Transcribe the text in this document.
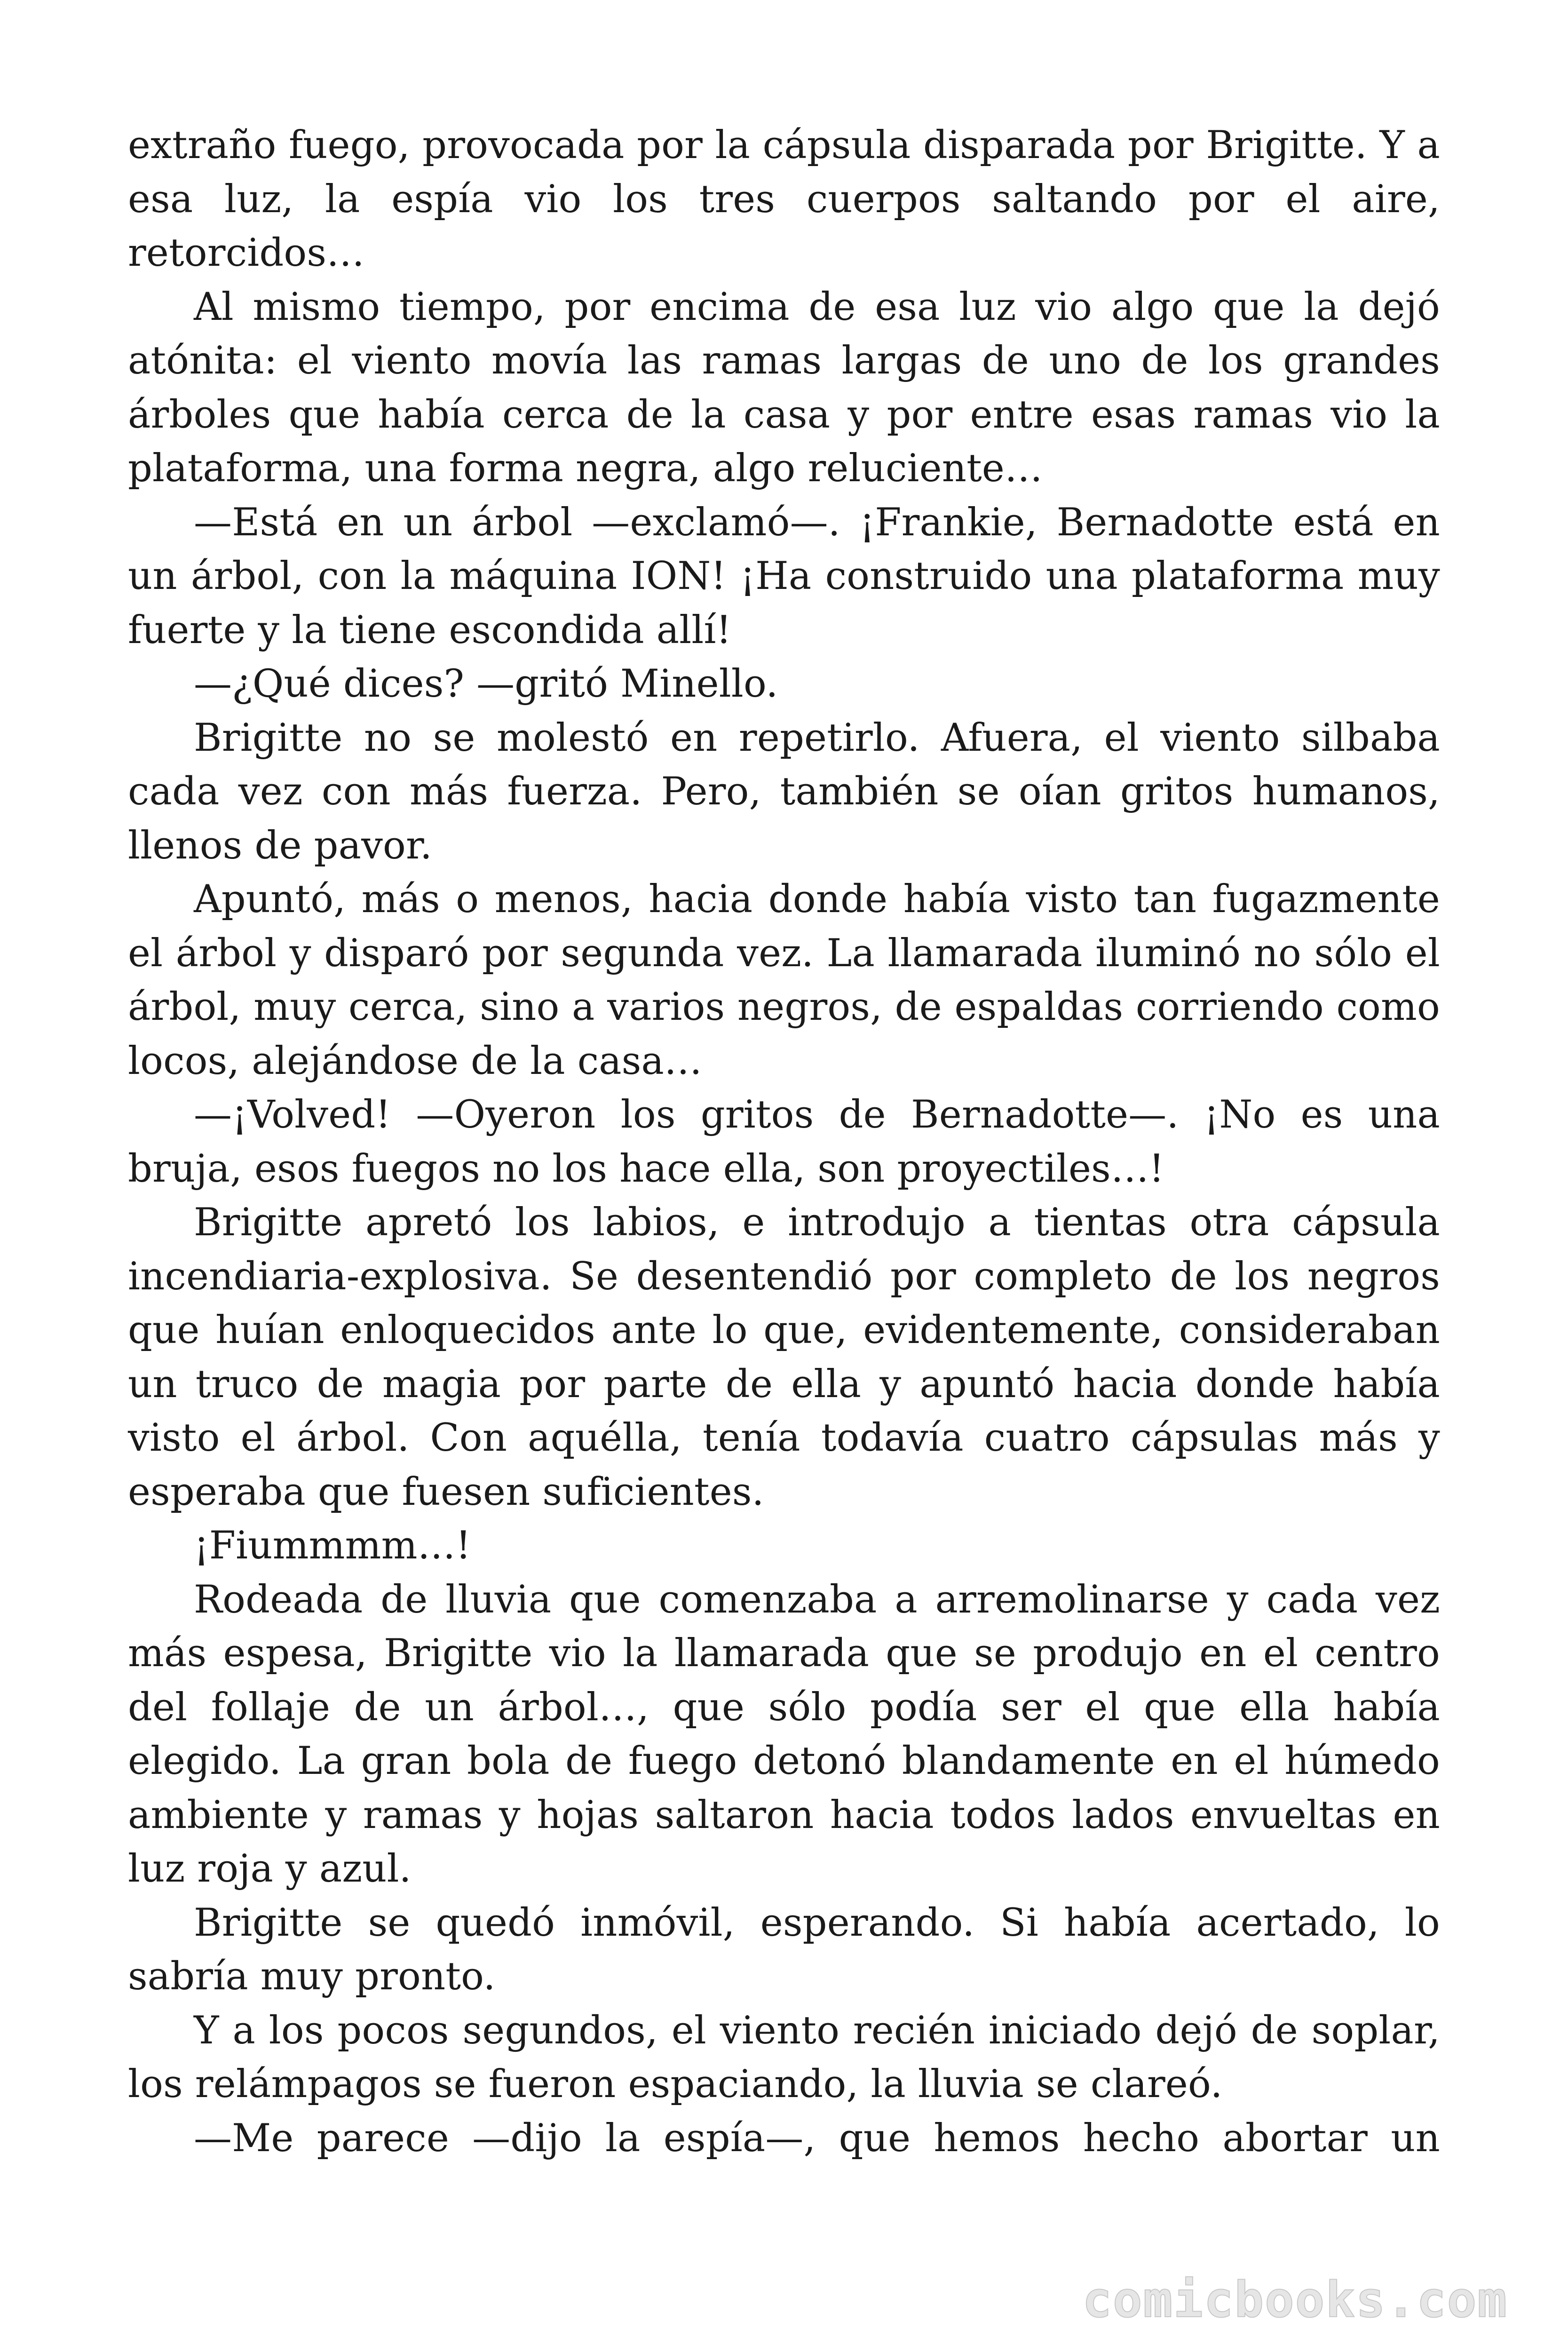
extraño fuego, provocada por la cápsula disparada por Brigitte. Y a esa luz, la espía vio los tres cuerpos saltando por el aire, retorcidos…

Al mismo tiempo, por encima de esa luz vio algo que la dejó atónita: el viento movía las ramas largas de uno de los grandes árboles que había cerca de la casa y por entre esas ramas vio la plataforma, una forma negra, algo reluciente…

—Está en un árbol —exclamó—. ¡Frankie, Bernadotte está en un árbol, con la máquina ION! ¡Ha construido una plataforma muy fuerte y la tiene escondida allí!

—¿Qué dices? —gritó Minello.

Brigitte no se molestó en repetirlo. Afuera, el viento silbaba cada vez con más fuerza. Pero, también se oían gritos humanos, llenos de pavor.

Apuntó, más o menos, hacia donde había visto tan fugazmente el árbol y disparó por segunda vez. La llamarada iluminó no sólo el árbol, muy cerca, sino a varios negros, de espaldas corriendo como locos, alejándose de la casa…

—¡Volved! —Oyeron los gritos de Bernadotte—. ¡No es una bruja, esos fuegos no los hace ella, son proyectiles…!

Brigitte apretó los labios, e introdujo a tientas otra cápsula incendiaria-explosiva. Se desentendió por completo de los negros que huían enloquecidos ante lo que, evidentemente, consideraban un truco de magia por parte de ella y apuntó hacia donde había visto el árbol. Con aquélla, tenía todavía cuatro cápsulas más y esperaba que fuesen suficientes.

¡Fiummmm…!

Rodeada de lluvia que comenzaba a arremolinarse y cada vez más espesa, Brigitte vio la llamarada que se produjo en el centro del follaje de un árbol…, que sólo podía ser el que ella había elegido. La gran bola de fuego detonó blandamente en el húmedo ambiente y ramas y hojas saltaron hacia todos lados envueltas en luz roja y azul.

Brigitte se quedó inmóvil, esperando. Si había acertado, lo sabría muy pronto.

Y a los pocos segundos, el viento recién iniciado dejó de soplar, los relámpagos se fueron espaciando, la lluvia se clareó.

—Me parece —dijo la espía—, que hemos hecho abortar un

comicbooks.com
